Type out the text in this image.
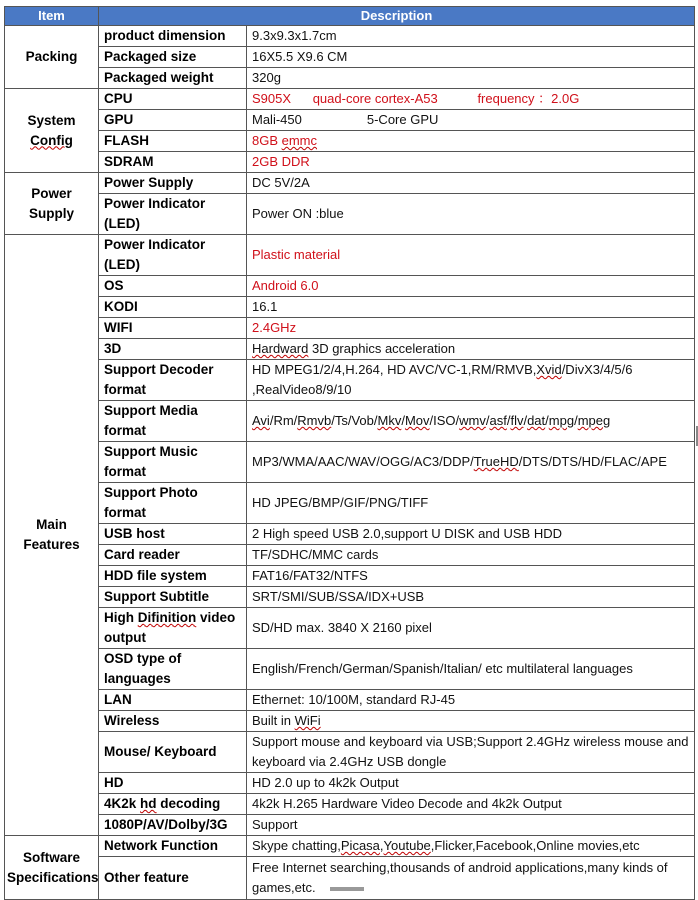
Item	Description	
Packing	product dimension	9.3x9.3x1.7cm
	Packaged size	16X5.5 X9.6 CM
	Packaged weight	320g
System Config	CPU	S905X      quad-core cortex-A53           frequency ：2.0G
	GPU	Mali-450                  5-Core GPU
	FLASH	8GB emmc
	SDRAM	2GB DDR
Power Supply	Power Supply	DC 5V/2A
	Power Indicator (LED)	Power ON :blue
Main Features	Power Indicator (LED)	Plastic material
	OS	Android 6.0
	KODI	16.1
	WIFI	2.4GHz
	3D	Hardward 3D graphics acceleration
	Support Decoder format	HD MPEG1/2/4,H.264, HD AVC/VC-1,RM/RMVB,Xvid/DivX3/4/5/6 ,RealVideo8/9/10
	Support Media format	Avi/Rm/Rmvb/Ts/Vob/Mkv/Mov/ISO/wmv/asf/flv/dat/mpg/mpeg
	Support Music format	MP3/WMA/AAC/WAV/OGG/AC3/DDP/TrueHD/DTS/DTS/HD/FLAC/APE
	Support Photo format	HD JPEG/BMP/GIF/PNG/TIFF
	USB host	2 High speed USB 2.0,support U DISK and USB HDD
	Card reader	TF/SDHC/MMC cards
	HDD file system	FAT16/FAT32/NTFS
	Support Subtitle	SRT/SMI/SUB/SSA/IDX+USB
	High Difinition video output	SD/HD max. 3840 X 2160 pixel
	OSD type of languages	English/French/German/Spanish/Italian/ etc multilateral languages
	LAN	Ethernet: 10/100M, standard RJ-45
	Wireless	Built in WiFi
	Mouse/ Keyboard	Support mouse and keyboard via USB;Support 2.4GHz wireless mouse and keyboard via 2.4GHz USB dongle
	HD	HD 2.0 up to 4k2k Output
	4K2k hd decoding	4k2k H.265 Hardware Video Decode and 4k2k Output
	1080P/AV/Dolby/3G	Support
Software Specifications	Network Function	Skype chatting,Picasa,Youtube,Flicker,Facebook,Online movies,etc
	Other feature	Free Internet searching,thousands of android applications,many kinds of games,etc.
